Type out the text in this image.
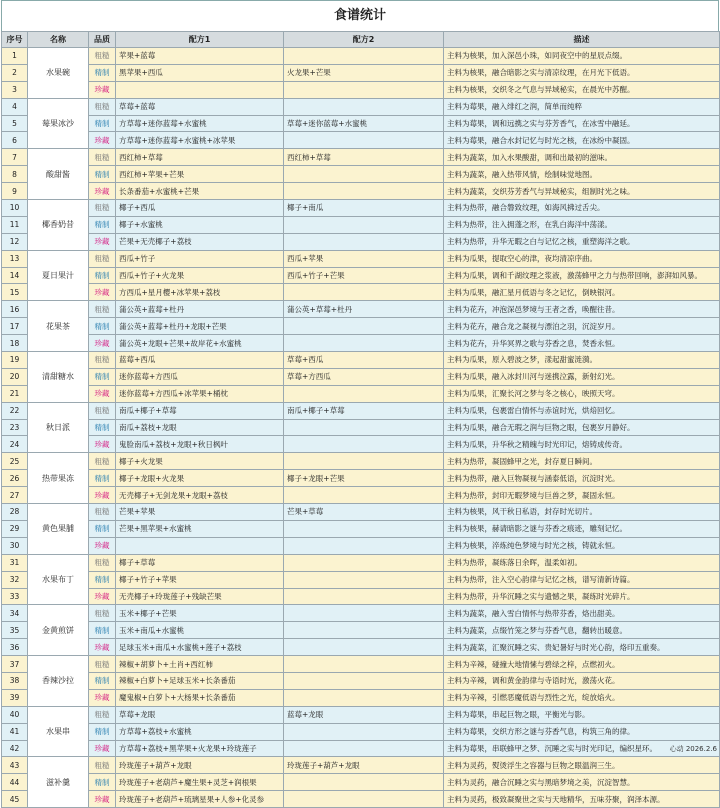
食谱统计
序号	名称	品质	配方1	配方2	描述
1	水果碗	粗糙	苹果+蓝莓		主料为核果，加入深邑小珠，如同夜空中的星辰点缀。
2		精制	黑苹果+西瓜	火龙果+芒果	主料为核果，融合暗影之实与清凉纹理，在月光下低语。
3		珍藏			主料为核果，交织冬之气息与异域秘实，在晨光中苏醒。
4	莓果冰沙	粗糙	草莓+蓝莓		主料为莓果，融入绯红之润，简单而纯粹
5		精制	方草莓+迷你蓝莓+水蜜桃	草莓+迷你蓝莓+水蜜桃	主料为莓果，调和远携之实与芬芳香气，在冰雪中融延。
6		珍藏	方草莓+迷你蓝莓+水蜜桃+冰苹果		主料为莓果，融合水封记忆与时光之核，在冰纷中凝固。
7	酸甜酱	粗糙	西红柿+草莓	西红柿+草莓	主料为蔬菜，加入水果酸甜，调和出最初的滋味。
8		精制	西红柿+苹果+芒果		主料为蔬菜，融入热带风情，绘制味觉地图。
9		珍藏	长条番茄+水蜜桃+芒果		主料为蔬菜，交织芬芳香气与异域秘实，组制时光之味。
10	椰香奶昔	粗糙	椰子+西瓜	椰子+南瓜	主料为热带，融合磐致纹理，如海风拂过舌尖。
11		精制	椰子+水蜜桃		主料为热带，注入拥蓬之形，在乳白海洋中荡漾。
12		珍藏	芒果+无壳椰子+荔枝		主料为热带，升华无暇之白与记忆之核，重塑海洋之歌。
13	夏日果汁	粗糙	西瓜+竹子	西瓜+苹果	主料为瓜果，提取空心的津，夜均清凉序曲。
14		精制	西瓜+竹子+火龙果	西瓜+竹子+芒果	主料为瓜果，调和千湖纹理之浆液，激荡蜂甲之力与热带回响，澎湃如风暴。
15		珍藏	方西瓜+星月樱+冰苹果+荔枝		主料为瓜果，融汇星月低语与冬之记忆，倒映银河。
16	花果茶	粗糙	蒲公英+蓝莓+杜丹	蒲公英+草莓+杜丹	主料为花卉，冲泡深邑梦境与王者之香，唤醒往昔。
17		精制	蒲公英+蓝莓+杜丹+龙眼+芒果		主料为花卉，融合龙之凝视与漂泊之羽，沉淀岁月。
18		珍藏	蒲公英+龙眼+芒果+故岸花+水蜜桃		主料为花卉，升华冥界之歌与芬香之息，焚香永恒。
19	清甜糖水	粗糙	蓝莓+西瓜	草莓+西瓜	主料为瓜果，原入碧波之梦，漾起甜蜜涟漪。
20		精制	迷你蓝莓+方西瓜	草莓+方西瓜	主料为瓜果，融入冰封川河与迷携泣露，新射幻光。
21		珍藏	迷你蓝莓+方西瓜+冰苹果+桶枕		主料为瓜果，汇聚长河之梦与冬之核心，映照天穹。
22	秋日派	粗糙	南瓜+椰子+草莓	南瓜+椰子+草莓	主料为瓜果，包裹雷白情怀与赤谊时光，烘焙回忆。
23		精制	南瓜+荔枝+龙眼		主料为瓜果，融合无瑕之润与巨物之眼，包裹岁月静好。
24		珍藏	鬼脸南瓜+荔枝+龙眼+秋日枫叶		主料为瓜果，升华秋之精魄与时光印记，熔铸成传奇。
25	热带果冻	粗糙	椰子+火龙果		主料为热带，凝固蜂甲之光，封存夏日瞬间。
26		精制	椰子+龙眼+火龙果	椰子+龙眼+芒果	主料为热带，融入巨物凝视与涵泰低语，沉淀时光。
27		珍藏	无壳椰子+无剑龙果+龙眼+荔枝		主料为热带，封印无暇梦境与巨兽之梦，凝固永恒。
28	黄色果脯	粗糙	芒果+苹果	芒果+草莓	主料为核果，风干秋日私语，封存时光切片。
29		精制	芒果+黑苹果+水蜜桃		主料为核果，赫请暗影之谜与芬香之痕迹，雕刻记忆。
30		珍藏			主料为核果，淬炼纯色梦境与时光之核，铸就永恒。
31	水果布丁	粗糙	椰子+草莓		主料为热带，凝练落日余晖，温柔如初。
32		精制	椰子+竹子+苹果		主料为热带，注入空心韵律与记忆之核，谱写清新诗篇。
33		珍藏	无壳椰子+玲珑莲子+残缺芒果		主料为热带，升华沉睡之实与遗憾之果，凝练时光碎片。
34	金黄煎饼	粗糙	玉米+椰子+芒果		主料为蔬菜，融入雪白情怀与热带芬香，烙出甜美。
35		精制	玉米+南瓜+水蜜桃		主料为蔬菜，点缀竹笼之梦与芬香气息，翻转出暖意。
36		珍藏	足球玉米+南瓜+水蜜桃+莲子+荔枝		主料为蔬菜，汇聚沉睡之实、贵妃暑好与时光心韵，烙印五重奏。
37	香辣沙拉	粗糙	辣椒+胡萝卜+土肖+西红柿		主料为辛辣，碰撞大地情愫与碧绿之梓，点燃初火。
38		精制	辣椒+白萝卜+足球玉米+长条番茄		主料为辛辣，调和黄金韵律与寺语时光，激荡火花。
39		珍藏	魔鬼椒+白萝卜+大杨果+长条番茄		主料为辛辣，引燃恶魔低语与烈性之光，绽放焰火。
40	水果串	粗糙	草莓+龙眼	蓝莓+龙眼	主料为莓果，串起巨物之眼，平衡光与影。
41		精制	方草莓+荔枝+水蜜桃		主料为莓果，交织方形之谜与芬香气息，构筑三角的律。
42		珍藏	方草莓+荔枝+黑苹果+火龙果+玲珑莲子		主料为莓果，串联蜂甲之梦、沉睡之实与时光印记，编织星环。
43	滋补羹	粗糙	玲珑莲子+葫芦+龙眼	玲珑莲子+葫芦+龙眼	主料为灵药，熨烫浮生之容器与巨物之眼温润三生。
44		精制	玲珑莲子+老葫芦+魔生果+灵芝+润根果		主料为灵药，融合沉睡之实与黑暗梦境之美，沉淀智慧。
45		珍藏	玲珑莲子+老葫芦+琉璃星果+人参+化灵参		主料为灵药，极致凝聚世之实与天地精华，五味芬聚，润泽本源。
心动 2026.2.6
